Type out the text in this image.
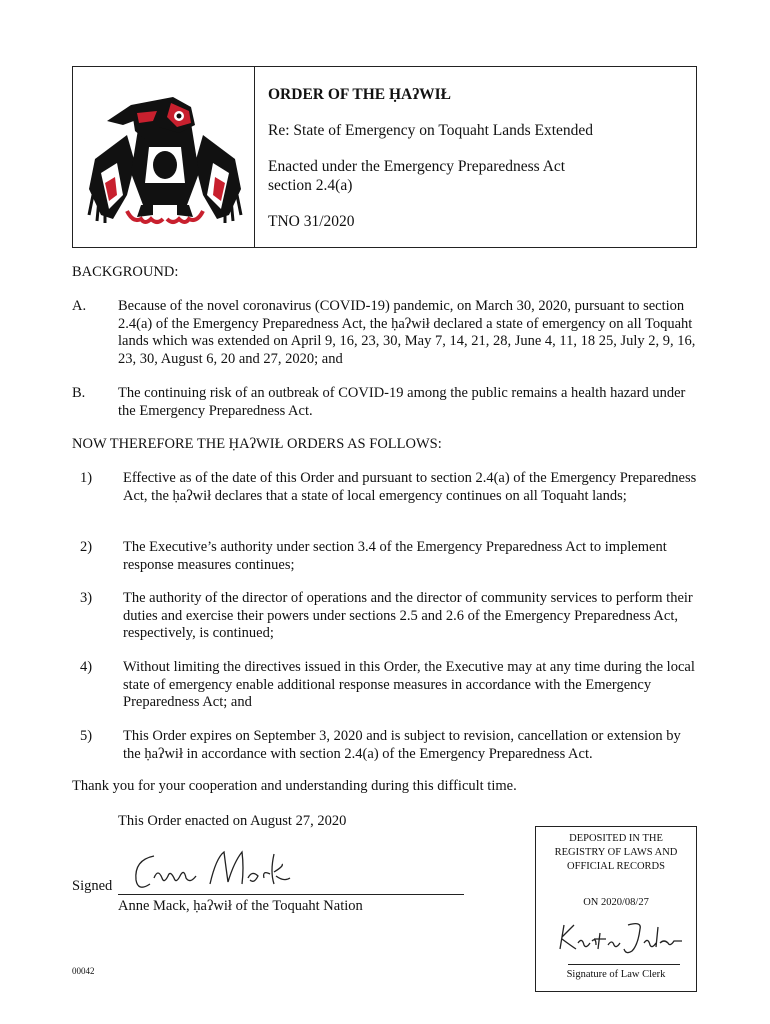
ORDER OF THE ḤAʔWIŁ

Re: State of Emergency on Toquaht Lands Extended

Enacted under the Emergency Preparedness Act

section 2.4(a)

TNO 31/2020

BACKGROUND:
A. Because of the novel coronavirus (COVID-19) pandemic, on March 30, 2020, pursuant to section 2.4(a) of the Emergency Preparedness Act, the ḥaʔwił declared a state of emergency on all Toquaht lands which was extended on April 9, 16, 23, 30, May 7, 14, 21, 28, June 4, 11, 18 25, July 2, 9, 16, 23, 30, August 6, 20 and 27, 2020; and
B. The continuing risk of an outbreak of COVID-19 among the public remains a health hazard under the Emergency Preparedness Act.
NOW THEREFORE THE ḤAʔWIŁ ORDERS AS FOLLOWS:
1) Effective as of the date of this Order and pursuant to section 2.4(a) of the Emergency Preparedness Act, the ḥaʔwił declares that a state of local emergency continues on all Toquaht lands;
2) The Executive’s authority under section 3.4 of the Emergency Preparedness Act to implement response measures continues;
3) The authority of the director of operations and the director of community services to perform their duties and exercise their powers under sections 2.5 and 2.6 of the Emergency Preparedness Act, respectively, is continued;
4) Without limiting the directives issued in this Order, the Executive may at any time during the local state of emergency enable additional response measures in accordance with the Emergency Preparedness Act; and
5) This Order expires on September 3, 2020 and is subject to revision, cancellation or extension by the ḥaʔwił in accordance with section 2.4(a) of the Emergency Preparedness Act.
Thank you for your cooperation and understanding during this difficult time.
This Order enacted on August 27, 2020
Signed
Anne Mack, ḥaʔwił of the Toquaht Nation
00042
DEPOSITED IN THE
REGISTRY OF LAWS AND
OFFICIAL RECORDS
ON 2020/08/27
Signature of Law Clerk
